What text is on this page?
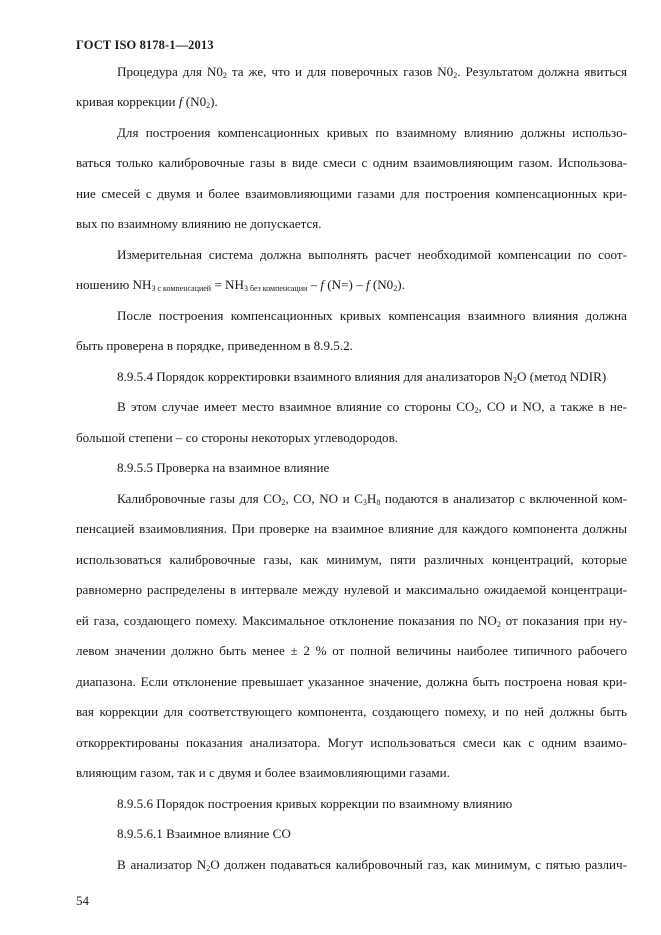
ГОСТ ISO 8178-1—2013
Процедура для $N0_2$ та же, что и для поверочных газов $N0_2$. Результатом должна явиться
кривая коррекции f $(N0_2)$.
Для построения компенсационных кривых по взаимному влиянию должны использо-
ваться только калибровочные газы в виде смеси с одним взаимовлияющим газом. Использова-
ние смесей с двумя и более взаимовлияющими газами для построения компенсационных кри-
вых по взаимному влиянию не допускается.
Измерительная система должна выполнять расчет необходимой компенсации по соот-
ношению $NH_{3 с компенсацией} = NH_{3 без компенсации} - f$ (N=) – f $(N0_2)$.
После построения компенсационных кривых компенсация взаимного влияния должна
быть проверена в порядке, приведенном в 8.9.5.2.
8.9.5.4 Порядок корректировки взаимного влияния для анализаторов $N_2O$ (метод NDIR)
В этом случае имеет место взаимное влияние со стороны $CO_2$, CO и NO, а также в не-
большой степени – со стороны некоторых углеводородов.
8.9.5.5 Проверка на взаимное влияние
Калибровочные газы для $CO_2$, CO, NO и $C_3H_8$ подаются в анализатор с включенной ком-
пенсацией взаимовлияния. При проверке на взаимное влияние для каждого компонента должны
использоваться калибровочные газы, как минимум, пяти различных концентраций, которые
равномерно распределены в интервале между нулевой и максимально ожидаемой концентраци-
ей газа, создающего помеху. Максимальное отклонение показания по $NO_2$ от показания при ну-
левом значении должно быть менее ± 2 % от полной величины наиболее типичного рабочего
диапазона. Если отклонение превышает указанное значение, должна быть построена новая кри-
вая коррекции для соответствующего компонента, создающего помеху, и по ней должны быть
откорректированы показания анализатора. Могут использоваться смеси как с одним взаимо-
влияющим газом, так и с двумя и более взаимовлияющими газами.
8.9.5.6 Порядок построения кривых коррекции по взаимному влиянию
8.9.5.6.1 Взаимное влияние CO
В анализатор $N_2O$ должен подаваться калибровочный газ, как минимум, с пятью различ-
54
